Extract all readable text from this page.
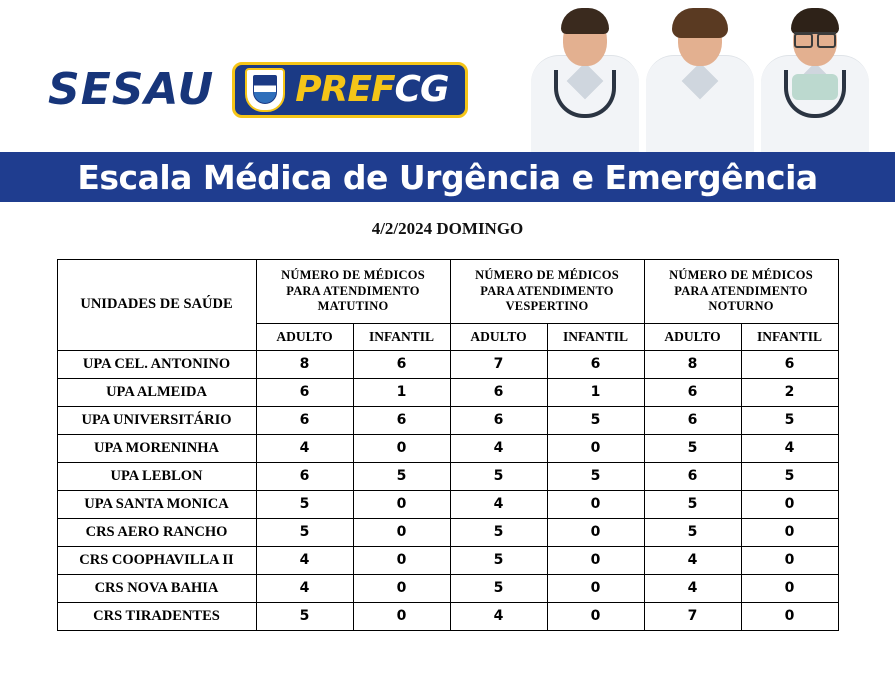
SESAU PREFCG
Escala Médica de Urgência e Emergência
4/2/2024 DOMINGO
UNIDADES DE SAÚDE	NÚMERO DE MÉDICOS PARA ATENDIMENTO MATUTINO		NÚMERO DE MÉDICOS PARA ATENDIMENTO VESPERTINO		NÚMERO DE MÉDICOS PARA ATENDIMENTO NOTURNO	
	ADULTO	INFANTIL	ADULTO	INFANTIL	ADULTO	INFANTIL
UPA CEL. ANTONINO	8	6	7	6	8	6
UPA ALMEIDA	6	1	6	1	6	2
UPA UNIVERSITÁRIO	6	6	6	5	6	5
UPA MORENINHA	4	0	4	0	5	4
UPA LEBLON	6	5	5	5	6	5
UPA SANTA MONICA	5	0	4	0	5	0
CRS AERO RANCHO	5	0	5	0	5	0
CRS COOPHAVILLA II	4	0	5	0	4	0
CRS NOVA BAHIA	4	0	5	0	4	0
CRS TIRADENTES	5	0	4	0	7	0
